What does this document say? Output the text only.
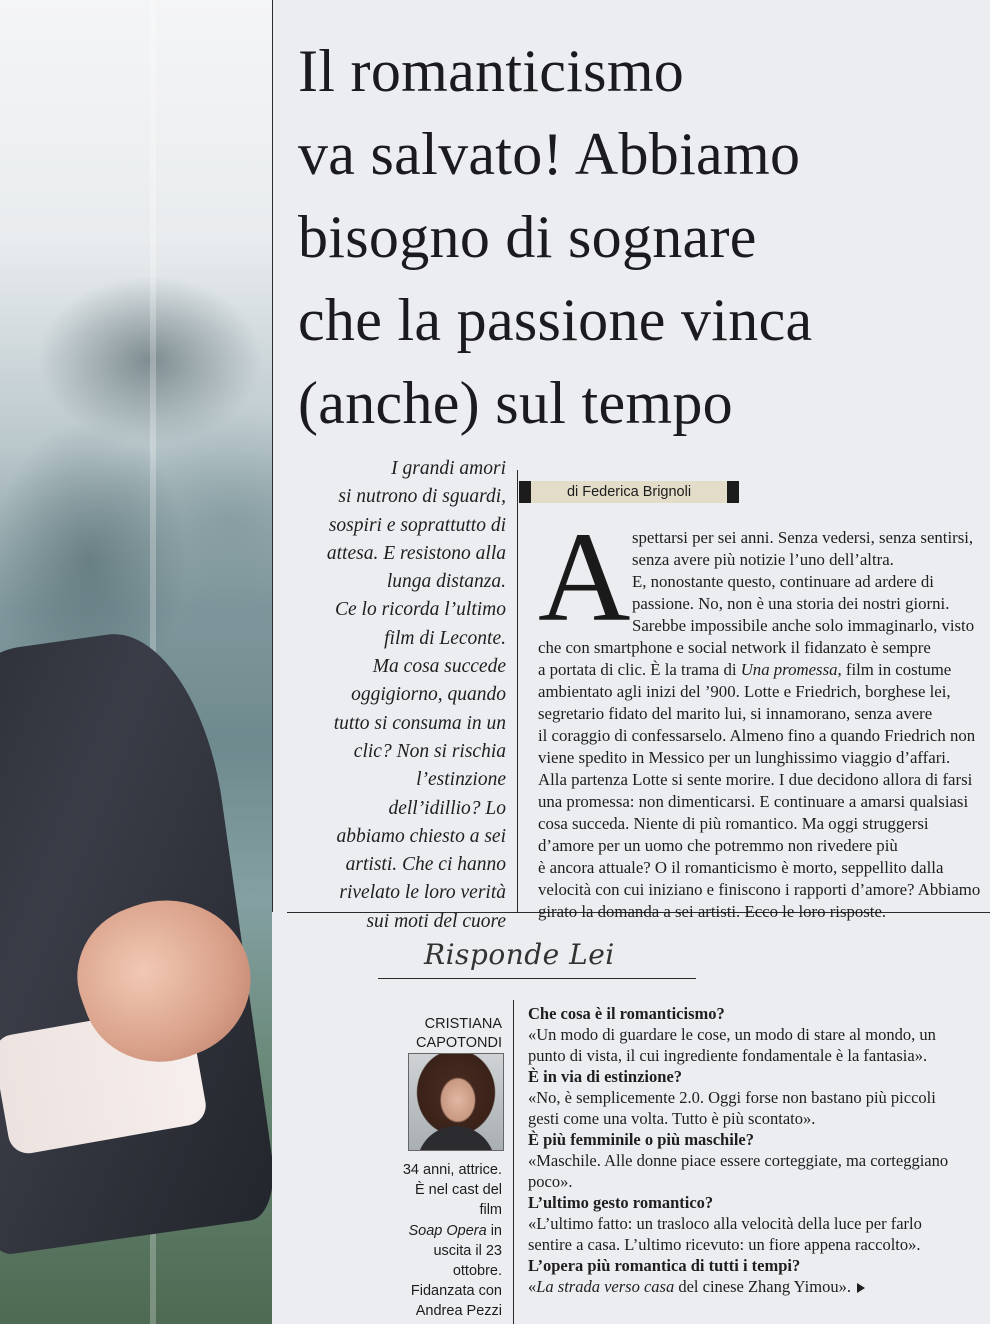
Il romanticismo
va salvato! Abbiamo
bisogno di sognare
che la passione vinca
(anche) sul tempo
I grandi amori
si nutrono di sguardi,
sospiri e soprattutto di
attesa. E resistono alla
lunga distanza.
Ce lo ricorda l’ultimo
film di Leconte.
Ma cosa succede
oggigiorno, quando
tutto si consuma in un
clic? Non si rischia
l’estinzione
dell’idillio? Lo
abbiamo chiesto a sei
artisti. Che ci hanno
rivelato le loro verità
sui moti del cuore
di Federica Brignoli
A spettarsi per sei anni. Senza vedersi, senza sentirsi,
senza avere più notizie l’uno dell’altra.
E, nonostante questo, continuare ad ardere di
passione. No, non è una storia dei nostri giorni.
Sarebbe impossibile anche solo immaginarlo, visto
che con smartphone e social network il fidanzato è sempre
a portata di clic. È la trama di Una promessa, film in costume
ambientato agli inizi del ’900. Lotte e Friedrich, borghese lei,
segretario fidato del marito lui, si innamorano, senza avere
il coraggio di confessarselo. Almeno fino a quando Friedrich non
viene spedito in Messico per un lunghissimo viaggio d’affari.
Alla partenza Lotte si sente morire. I due decidono allora di farsi
una promessa: non dimenticarsi. E continuare a amarsi qualsiasi
cosa succeda. Niente di più romantico. Ma oggi struggersi
d’amore per un uomo che potremmo non rivedere più
è ancora attuale? O il romanticismo è morto, seppellito dalla
velocità con cui iniziano e finiscono i rapporti d’amore? Abbiamo
girato la domanda a sei artisti. Ecco le loro risposte.
Risponde Lei
CRISTIANA
CAPOTONDI
34 anni, attrice.
È nel cast del film
Soap Opera in
uscita il 23
ottobre.
Fidanzata con
Andrea Pezzi
Che cosa è il romanticismo?
«Un modo di guardare le cose, un modo di stare al mondo, un
punto di vista, il cui ingrediente fondamentale è la fantasia».
È in via di estinzione?
«No, è semplicemente 2.0. Oggi forse non bastano più piccoli
gesti come una volta. Tutto è più scontato».
È più femminile o più maschile?
«Maschile. Alle donne piace essere corteggiate, ma corteggiano
poco».
L’ultimo gesto romantico?
«L’ultimo fatto: un trasloco alla velocità della luce per farlo
sentire a casa. L’ultimo ricevuto: un fiore appena raccolto».
L’opera più romantica di tutti i tempi?
«La strada verso casa del cinese Zhang Yimou».
